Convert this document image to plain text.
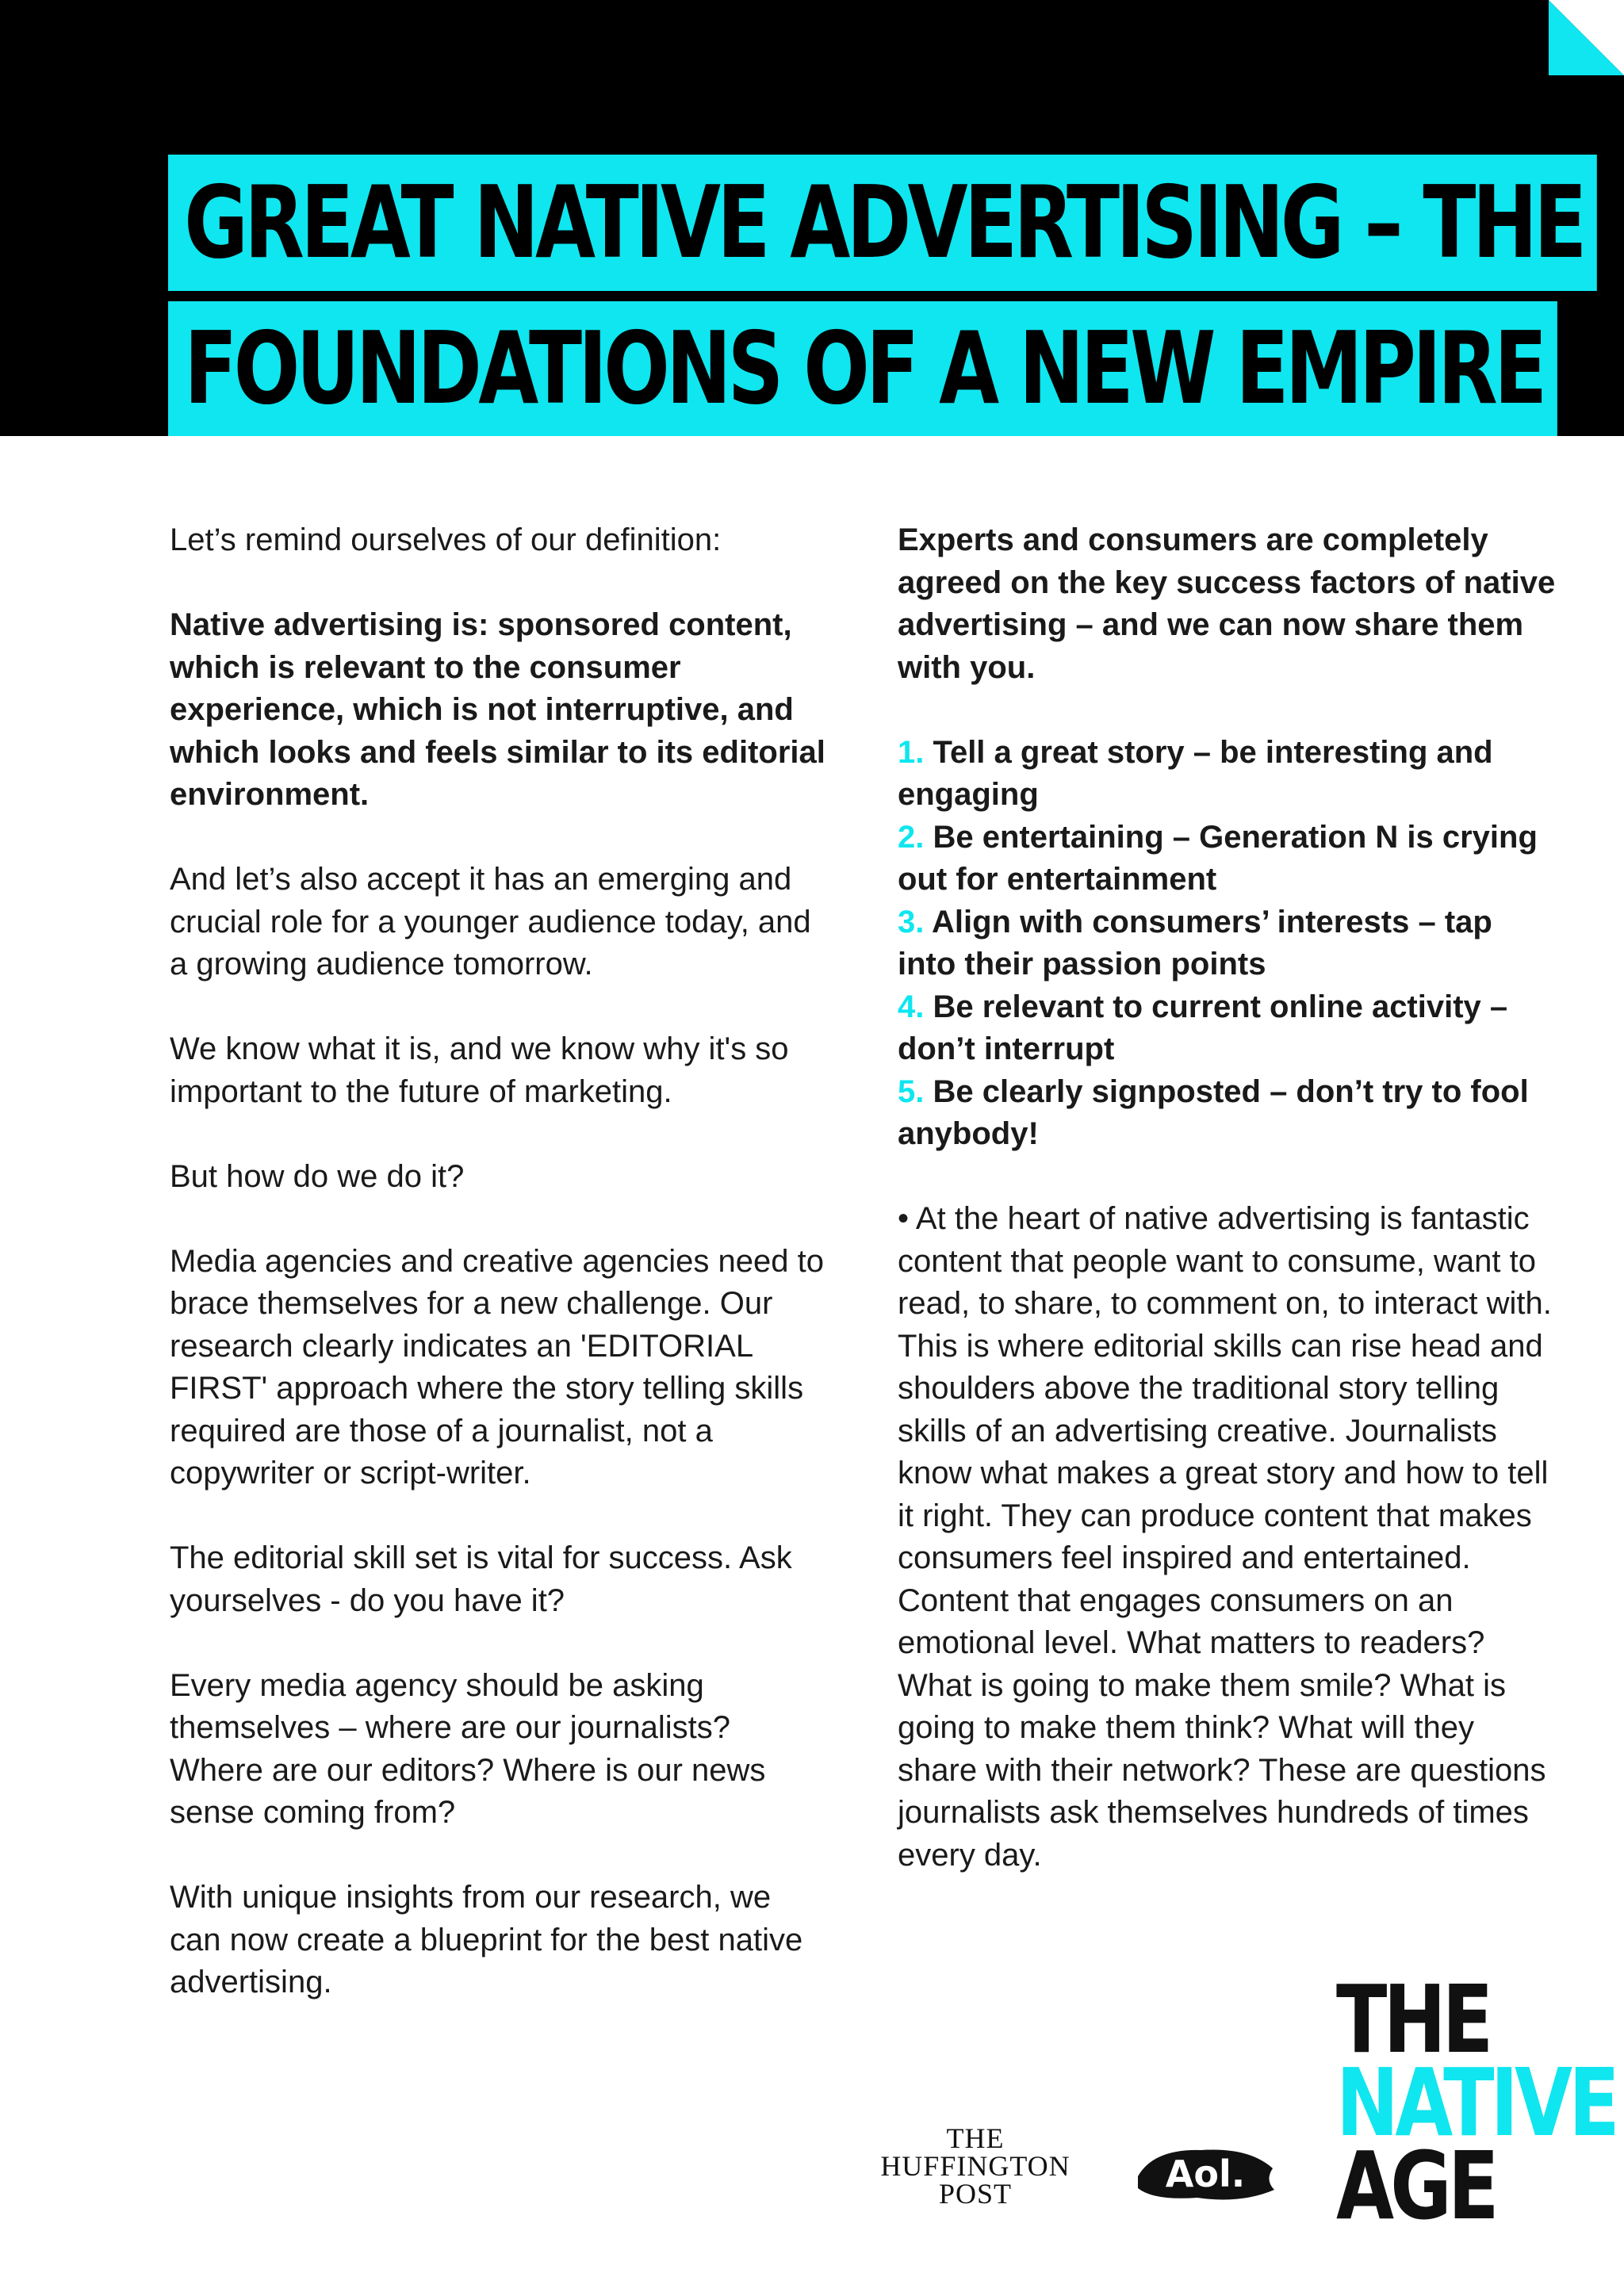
GREAT NATIVE ADVERTISING – THE
FOUNDATIONS OF A NEW EMPIRE

Let’s remind ourselves of our definition:

Native advertising is: sponsored content, which is relevant to the consumer experience, which is not interruptive, and which looks and feels similar to its editorial environment.

And let’s also accept it has an emerging and crucial role for a younger audience today, and a growing audience tomorrow.

We know what it is, and we know why it's so important to the future of marketing.

But how do we do it?

Media agencies and creative agencies need to brace themselves for a new challenge. Our research clearly indicates an 'EDITORIAL FIRST' approach where the story telling skills required are those of a journalist, not a copywriter or script-writer.

The editorial skill set is vital for success. Ask yourselves - do you have it?

Every media agency should be asking themselves – where are our journalists? Where are our editors? Where is our news sense coming from?

With unique insights from our research, we can now create a blueprint for the best native advertising.

Experts and consumers are completely agreed on the key success factors of native advertising – and we can now share them with you.

1. Tell a great story – be interesting and engaging
2. Be entertaining – Generation N is crying out for entertainment
3. Align with consumers’ interests – tap into their passion points
4. Be relevant to current online activity – don’t interrupt
5. Be clearly signposted – don’t try to fool anybody!

• At the heart of native advertising is fantastic content that people want to consume, want to read, to share, to comment on, to interact with. This is where editorial skills can rise head and shoulders above the traditional story telling skills of an advertising creative. Journalists know what makes a great story and how to tell it right. They can produce content that makes consumers feel inspired and entertained. Content that engages consumers on an emotional level. What matters to readers? What is going to make them smile? What is going to make them think? What will they share with their network? These are questions journalists ask themselves hundreds of times every day.

THE
HUFFINGTON
POST	Aol.
THE
NATIVE
AGE
